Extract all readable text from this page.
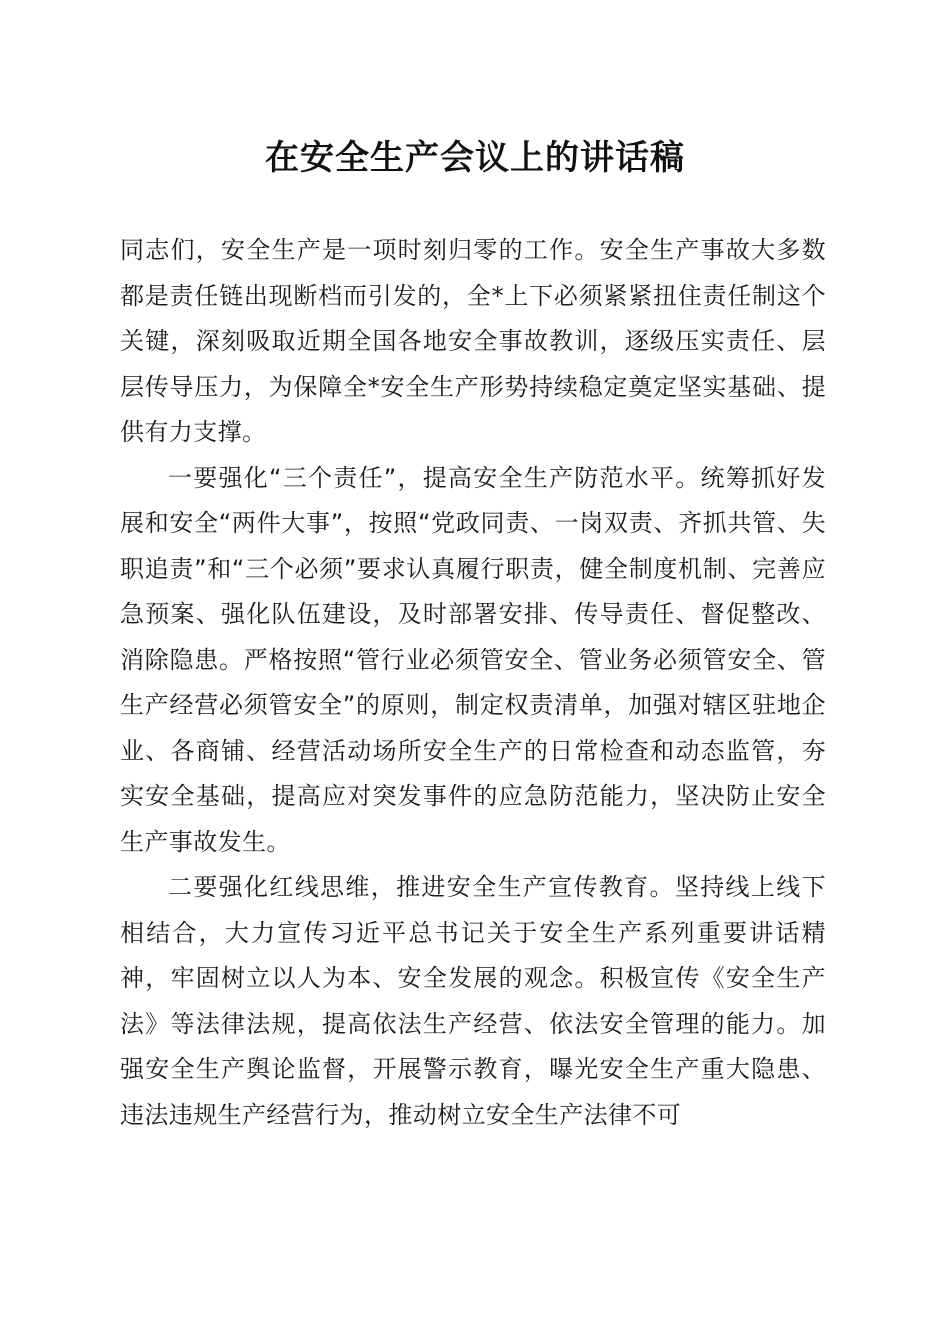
在安全生产会议上的讲话稿

同志们，安全生产是一项时刻归零的工作。安全生产事故大多数都是责任链出现断档而引发的，全*上下必须紧紧扭住责任制这个关键，深刻吸取近期全国各地安全事故教训，逐级压实责任、层层传导压力，为保障全*安全生产形势持续稳定奠定坚实基础、提供有力支撑。

一要强化“三个责任”，提高安全生产防范水平。统筹抓好发展和安全“两件大事”，按照“党政同责、一岗双责、齐抓共管、失职追责”和“三个必须”要求认真履行职责，健全制度机制、完善应急预案、强化队伍建设，及时部署安排、传导责任、督促整改、消除隐患。严格按照“管行业必须管安全、管业务必须管安全、管生产经营必须管安全”的原则，制定权责清单，加强对辖区驻地企业、各商铺、经营活动场所安全生产的日常检查和动态监管，夯实安全基础，提高应对突发事件的应急防范能力，坚决防止安全生产事故发生。

二要强化红线思维，推进安全生产宣传教育。坚持线上线下相结合，大力宣传习近平总书记关于安全生产系列重要讲话精神，牢固树立以人为本、安全发展的观念。积极宣传《安全生产法》等法律法规，提高依法生产经营、依法安全管理的能力。加强安全生产舆论监督，开展警示教育，曝光安全生产重大隐患、违法违规生产经营行为，推动树立安全生产法律不可
